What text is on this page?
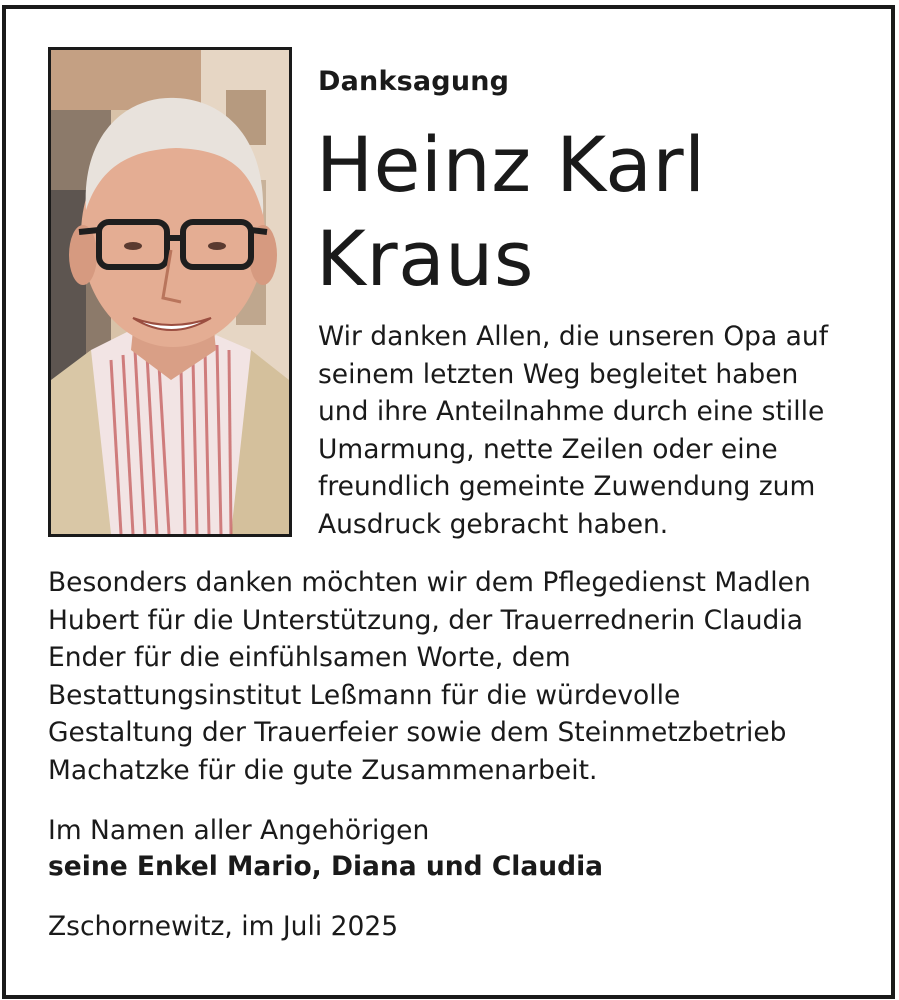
Danksagung
Heinz Karl
Kraus
Wir danken Allen, die unseren Opa auf
seinem letzten Weg begleitet haben
und ihre Anteilnahme durch eine stille
Umarmung, nette Zeilen oder eine
freundlich gemeinte Zuwendung zum
Ausdruck gebracht haben.
Besonders danken möchten wir dem Pflegedienst Madlen
Hubert für die Unterstützung, der Trauerrednerin Claudia
Ender für die einfühlsamen Worte, dem
Bestattungsinstitut Leßmann für die würdevolle
Gestaltung der Trauerfeier sowie dem Steinmetzbetrieb
Machatzke für die gute Zusammenarbeit.
Im Namen aller Angehörigen
seine Enkel Mario, Diana und Claudia
Zschornewitz, im Juli 2025
